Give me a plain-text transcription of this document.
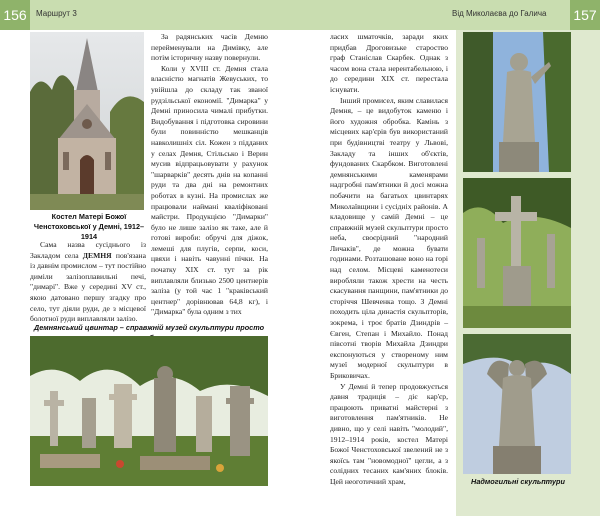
156	Маршрут 3	Від Миколаєва до Галича 157
Костел Матері Божої Ченстоховської у Демні, 1912–1914

Сама назва сусіднього із Закладом села ДЕМНЯ пов'язана із давнім промислом – тут постійно диміли залізоплавильні печі, "димарі". Вже у середині XV ст., якою датовано першу згадку про село, тут діяли руди, де з місцевої болотної руди виплавляли залізо.

За радянських часів Демню перейменували на Димівку, але потім історичну назву повернули.

Коли у XVIII ст. Демня стала власністю магнатів Жевуських, то увійшла до складу так званої рудзільської економії. "Димарка" у Демні приносила чималі прибутки. Видобування і підготовка сировини були повинністю мешканців навколишніх сіл. Кожен з підданих у селах Демня, Стільсько і Верин мусив відпрацьовувати у рахунок "шарварків" десять днів на копанні руди та два дні на ремонтних роботах в кузні. На промислах же працювали наймані кваліфіковані майстри. Продукцією "Димарки" було не лише залізо як таке, але й готові вироби: обручі для діжок, лемеші для плугів, серпи, коси, цвяхи і навіть чавунні пічки. На початку XIX ст. тут за рік виплавляли близько 2500 центнерів заліза (у той час 1 "краківський центнер" дорівнював 64,8 кг), і "Димарка" була одним з тих

Демнянський цвинтар – справжній музей скульптури просто

ласих шматочків, заради яких придбав Дроговизьке староство граф Станіслав Скарбек. Однак з часом вона стала нерентабельною, і до середини XIX ст. перестала існувати.

Інший промисел, яким славилася Демня, – це видобуток каменю і його художня обробка. Камінь з місцевих кар'єрів був використаний при будівництві театру у Львові, Закладу та інших об'єктів, фундованих Скарбком. Виготовлені демнянськими каменярами надгробні пам'ятники й досі можна побачити на багатьох цвинтарях Миколаївщини і сусідніх районів. А кладовище у самій Демні – це справжній музей скульптури просто неба, своєрідний "народний Личаків", де можна бувати годинами. Розташоване воно на горі над селом. Місцеві каменотеси виробляли також хрести на честь скасування панщини, пам'ятники до сторіччя Шевченка тощо. З Демні походить ціла династія скульпторів, зокрема, і троє братів Дзиндрів – Євген, Степан і Михайло. Понад півсотні творів Михайла Дзиндри експонуються у створеному ним музеї модерної скульптури в Бриковичах.

У Демні й тепер продовжується давня традиція – діє кар'єр, працюють приватні майстерні з виготовлення пам'ятників. Не дивно, що у селі навіть "молодий", 1912–1914 років, костел Матері Божої Ченстоховської звелений не з якоїсь там "новомодної" цегли, а з солідних тесаних кам'яних блоків. Цей неоготичний храм,	Надмогильні скульптури
